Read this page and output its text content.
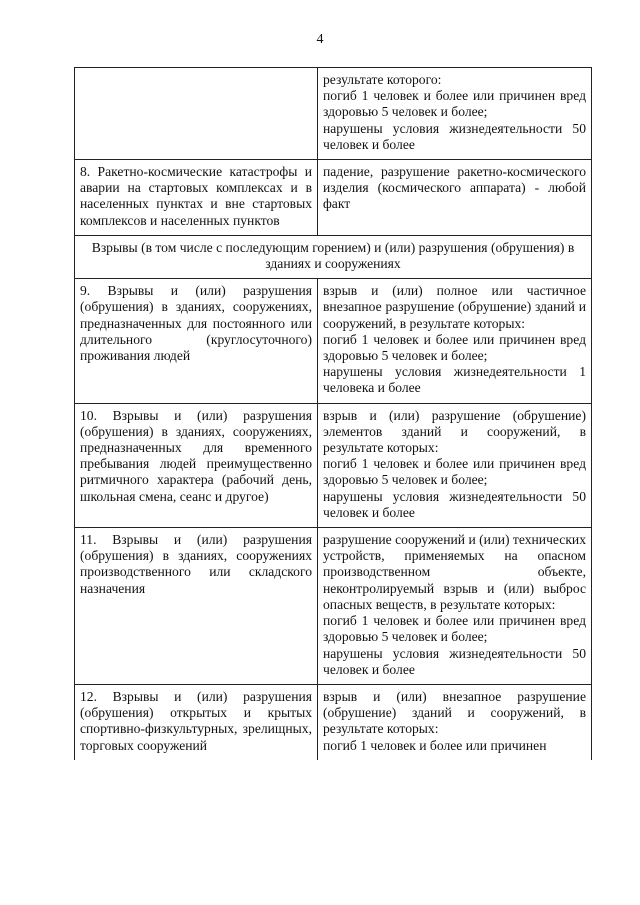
4

	результате которого:

погиб 1 человек и более или причинен вред здоровью 5 человек и более;

нарушены условия жизнедеятельности 50 человек и более

8. Ракетно-космические катастрофы и аварии на стартовых комплексах и в населенных пунктах и вне стартовых комплексов и населенных пунктов	падение, разрушение ракетно-космического изделия (космического аппарата) - любой факт
Взрывы (в том числе с последующим горением) и (или) разрушения (обрушения) в зданиях и сооружениях	
9. Взрывы и (или) разрушения (обрушения) в зданиях, сооружениях, предназначенных для постоянного или длительного (круглосуточного) проживания людей	взрыв и (или) полное или частичное внезапное разрушение (обрушение) зданий и сооружений, в результате которых:

погиб 1 человек и более или причинен вред здоровью 5 человек и более;

нарушены условия жизнедеятельности 1 человека и более

10. Взрывы и (или) разрушения (обрушения) в зданиях, сооружениях, предназначенных для временного пребывания людей преимущественно ритмичного характера (рабочий день, школьная смена, сеанс и другое)	взрыв и (или) разрушение (обрушение) элементов зданий и сооружений, в результате которых:

погиб 1 человек и более или причинен вред здоровью 5 человек и более;

нарушены условия жизнедеятельности 50 человек и более

11. Взрывы и (или) разрушения (обрушения) в зданиях, сооружениях производственного или складского назначения	разрушение сооружений и (или) технических устройств, применяемых на опасном производственном объекте, неконтролируемый взрыв и (или) выброс опасных веществ, в результате которых:

погиб 1 человек и более или причинен вред здоровью 5 человек и более;

нарушены условия жизнедеятельности 50 человек и более

12. Взрывы и (или) разрушения (обрушения) открытых и крытых спортивно-физкультурных, зрелищных, торговых сооружений	взрыв и (или) внезапное разрушение (обрушение) зданий и сооружений, в результате которых:

погиб 1 человек и более или причинен
